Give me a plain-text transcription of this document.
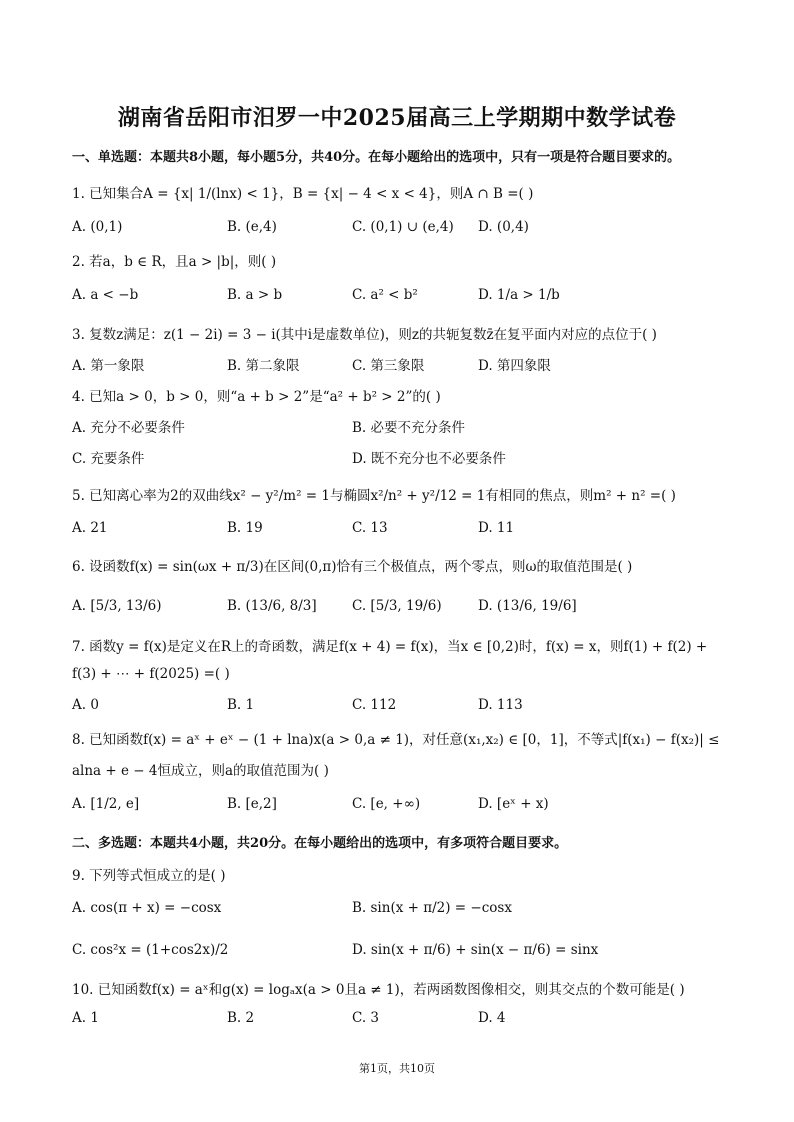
湖南省岳阳市汨罗一中2025届高三上学期期中数学试卷
一、单选题：本题共8小题，每小题5分，共40分。在每小题给出的选项中，只有一项是符合题目要求的。
1. 已知集合A = {x| 1/(lnx) < 1}，B = {x| − 4 < x < 4}，则A ∩ B =( )
A. (0,1)	B. (e,4)	C. (0,1) ∪ (e,4) D. (0,4)
2. 若a，b ∈ R，且a > |b|，则( )
A. a < −b	B. a > b	C. a² < b²	D. 1/a > 1/b
3. 复数z满足：z(1 − 2i) = 3 − i(其中i是虚数单位)，则z的共轭复数z̄在复平面内对应的点位于( )
A. 第一象限	B. 第二象限	C. 第三象限	D. 第四象限
4. 已知a > 0，b > 0，则“a + b > 2”是“a² + b² > 2”的( )
A. 充分不必要条件	B. 必要不充分条件
C. 充要条件	D. 既不充分也不必要条件
5. 已知离心率为2的双曲线x² − y²/m² = 1与椭圆x²/n² + y²/12 = 1有相同的焦点，则m² + n² =( )
A. 21	B. 19	C. 13	D. 11
6. 设函数f(x) = sin(ωx + π/3)在区间(0,π)恰有三个极值点，两个零点，则ω的取值范围是( )
A. [5/3, 13/6)	B. (13/6, 8/3]	C. [5/3, 19/6)	D. (13/6, 19/6]
7. 函数y = f(x)是定义在R上的奇函数，满足f(x + 4) = f(x)，当x ∈ [0,2)时，f(x) = x，则f(1) + f(2) +
f(3) + ⋯ + f(2025) =( )
A. 0	B. 1	C. 112	D. 113
8. 已知函数f(x) = aˣ + eˣ − (1 + lna)x(a > 0,a ≠ 1)，对任意(x₁,x₂) ∈ [0，1]，不等式|f(x₁) − f(x₂)| ≤
alna + e − 4恒成立，则a的取值范围为( )
A. [1/2, e]	B. [e,2]	C. [e, +∞)	D. [eˣ + x)
二、多选题：本题共4小题，共20分。在每小题给出的选项中，有多项符合题目要求。
9. 下列等式恒成立的是( )
A. cos(π + x) = −cosx	B. sin(x + π/2) = −cosx
C. cos²x = (1+cos2x)/2	D. sin(x + π/6) + sin(x − π/6) = sinx
10. 已知函数f(x) = aˣ和g(x) = logₐx(a > 0且a ≠ 1)，若两函数图像相交，则其交点的个数可能是( )
A. 1	B. 2	C. 3	D. 4
第1页，共10页
